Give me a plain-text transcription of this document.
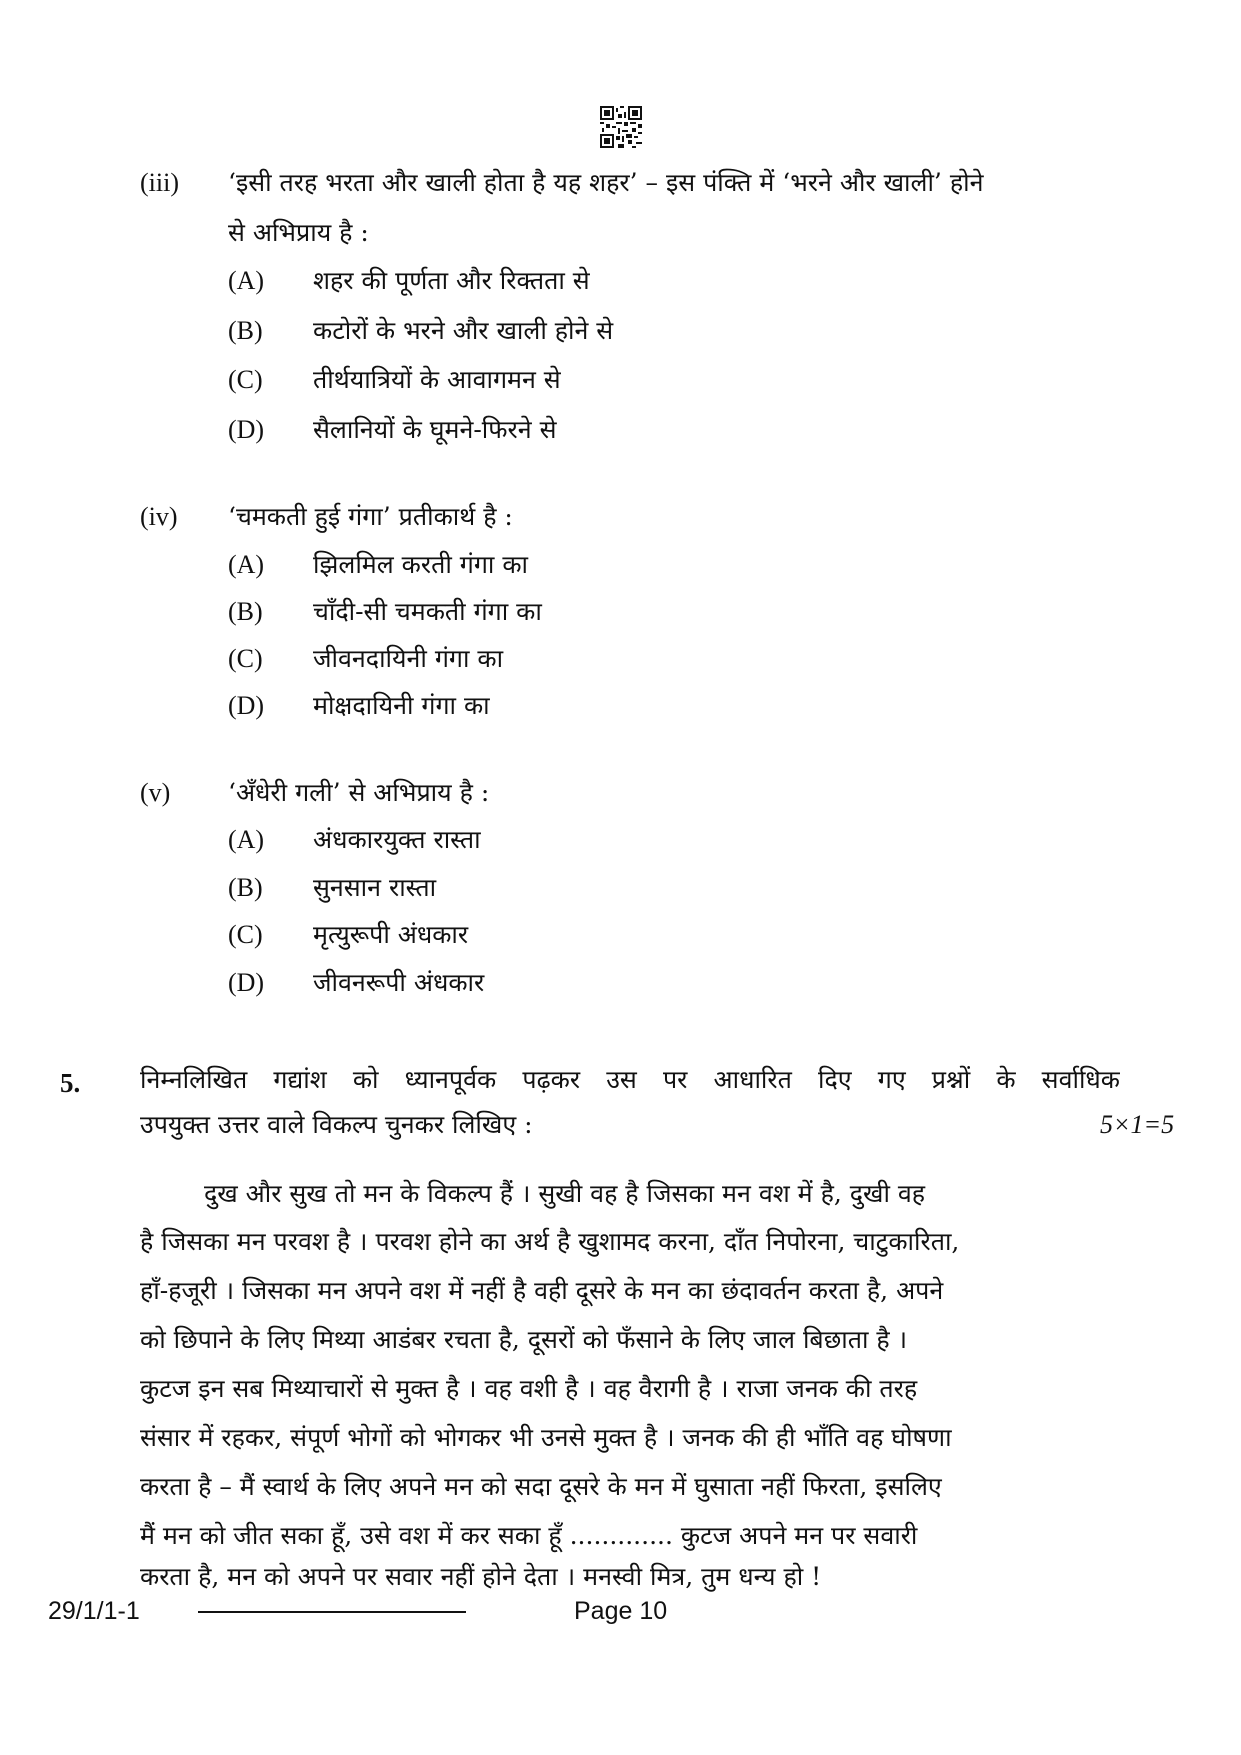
(iii) ‘इसी तरह भरता और खाली होता है यह शहर’ – इस पंक्ति में ‘भरने और खाली’ होने
से अभिप्राय है :
(A) शहर की पूर्णता और रिक्तता से
(B) कटोरों के भरने और खाली होने से
(C) तीर्थयात्रियों के आवागमन से
(D) सैलानियों के घूमने-फिरने से
(iv) ‘चमकती हुई गंगा’ प्रतीकार्थ है :
(A) झिलमिल करती गंगा का
(B) चाँदी-सी चमकती गंगा का
(C) जीवनदायिनी गंगा का
(D) मोक्षदायिनी गंगा का
(v) ‘अँधेरी गली’ से अभिप्राय है :
(A) अंधकारयुक्त रास्ता
(B) सुनसान रास्ता
(C) मृत्युरूपी अंधकार
(D) जीवनरूपी अंधकार
5. निम्नलिखित गद्यांश को ध्यानपूर्वक पढ़कर उस पर आधारित दिए गए प्रश्नों के सर्वाधिक
उपयुक्त उत्तर वाले विकल्प चुनकर लिखिए :	5×1=5
दुख और सुख तो मन के विकल्प हैं । सुखी वह है जिसका मन वश में है, दुखी वह
है जिसका मन परवश है । परवश होने का अर्थ है खुशामद करना, दाँत निपोरना, चाटुकारिता,
हाँ-हजूरी । जिसका मन अपने वश में नहीं है वही दूसरे के मन का छंदावर्तन करता है, अपने
को छिपाने के लिए मिथ्या आडंबर रचता है, दूसरों को फँसाने के लिए जाल बिछाता है ।
कुटज इन सब मिथ्याचारों से मुक्त है । वह वशी है । वह वैरागी है । राजा जनक की तरह
संसार में रहकर, संपूर्ण भोगों को भोगकर भी उनसे मुक्त है । जनक की ही भाँति वह घोषणा
करता है – मैं स्वार्थ के लिए अपने मन को सदा दूसरे के मन में घुसाता नहीं फिरता, इसलिए
मैं मन को जीत सका हूँ, उसे वश में कर सका हूँ ............. कुटज अपने मन पर सवारी
करता है, मन को अपने पर सवार नहीं होने देता । मनस्वी मित्र, तुम धन्य हो !
29/1/1-1	Page 10
